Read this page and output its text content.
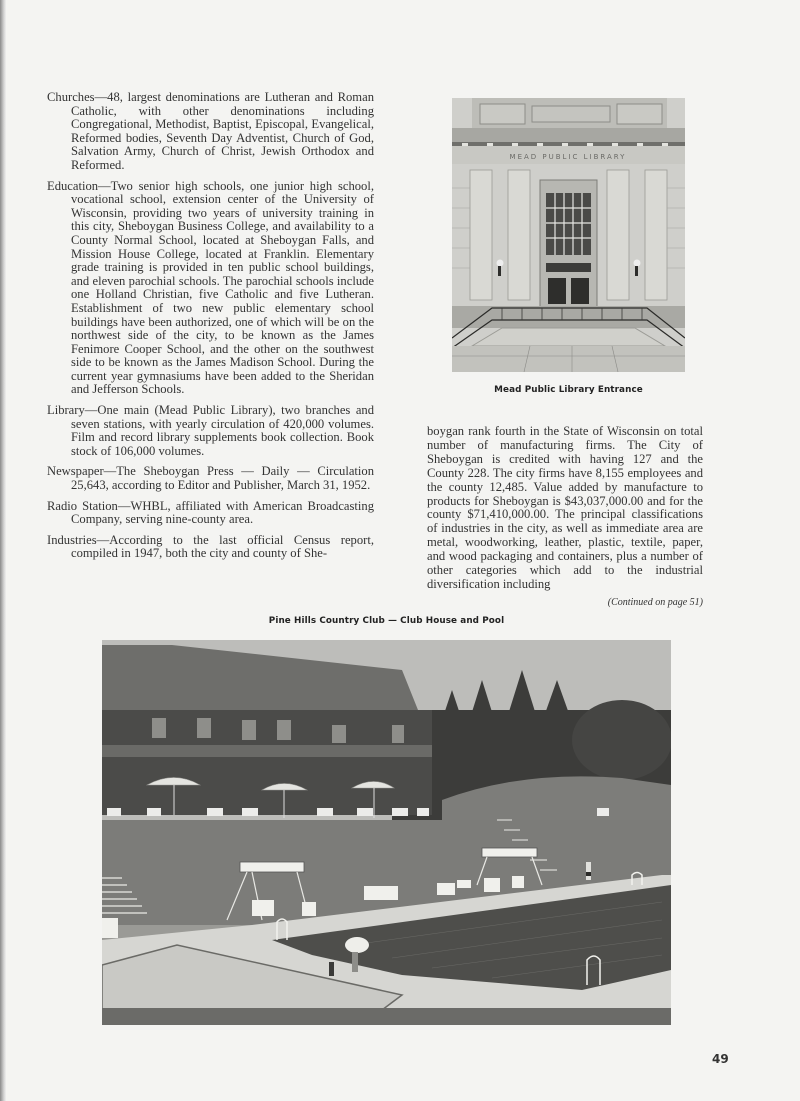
Churches—48, largest denominations are Lutheran and Roman Catholic, with other denominations including Congregational, Methodist, Baptist, Episcopal, Evangelical, Reformed bodies, Seventh Day Adventist, Church of God, Salvation Army, Church of Christ, Jewish Orthodox and Reformed.

Education—Two senior high schools, one junior high school, vocational school, extension center of the University of Wisconsin, providing two years of university training in this city, Sheboygan Business College, and availability to a County Normal School, located at Sheboygan Falls, and Mission House College, located at Franklin. Elementary grade training is provided in ten public school buildings, and eleven parochial schools. The parochial schools include one Holland Christian, five Catholic and five Lutheran. Establishment of two new public elementary school buildings have been authorized, one of which will be on the northwest side of the city, to be known as the James Fenimore Cooper School, and the other on the southwest side to be known as the James Madison School. During the current year gymnasiums have been added to the Sheridan and Jefferson Schools.

Library—One main (Mead Public Library), two branches and seven stations, with yearly circulation of 420,000 volumes. Film and record library supplements book collection. Book stock of 106,000 volumes.

Newspaper—The Sheboygan Press — Daily — Circulation 25,643, according to Editor and Publisher, March 31, 1952.

Radio Station—WHBL, affiliated with American Broadcasting Company, serving nine-county area.

Industries—According to the last official Census report, compiled in 1947, both the city and county of She-

MEAD PUBLIC LIBRARY
Mead Public Library Entrance

boygan rank fourth in the State of Wisconsin on total number of manufacturing firms. The City of Sheboygan is credited with having 127 and the County 228. The city firms have 8,155 employees and the county 12,485. Value added by manufacture to products for Sheboygan is $43,037,000.00 and for the county $71,410,000.00. The principal classifications of industries in the city, as well as immediate area are metal, woodworking, leather, plastic, textile, paper, and wood packaging and containers, plus a number of other categories which add to the industrial diversification including

(Continued on page 51)
Pine Hills Country Club — Club House and Pool
49
